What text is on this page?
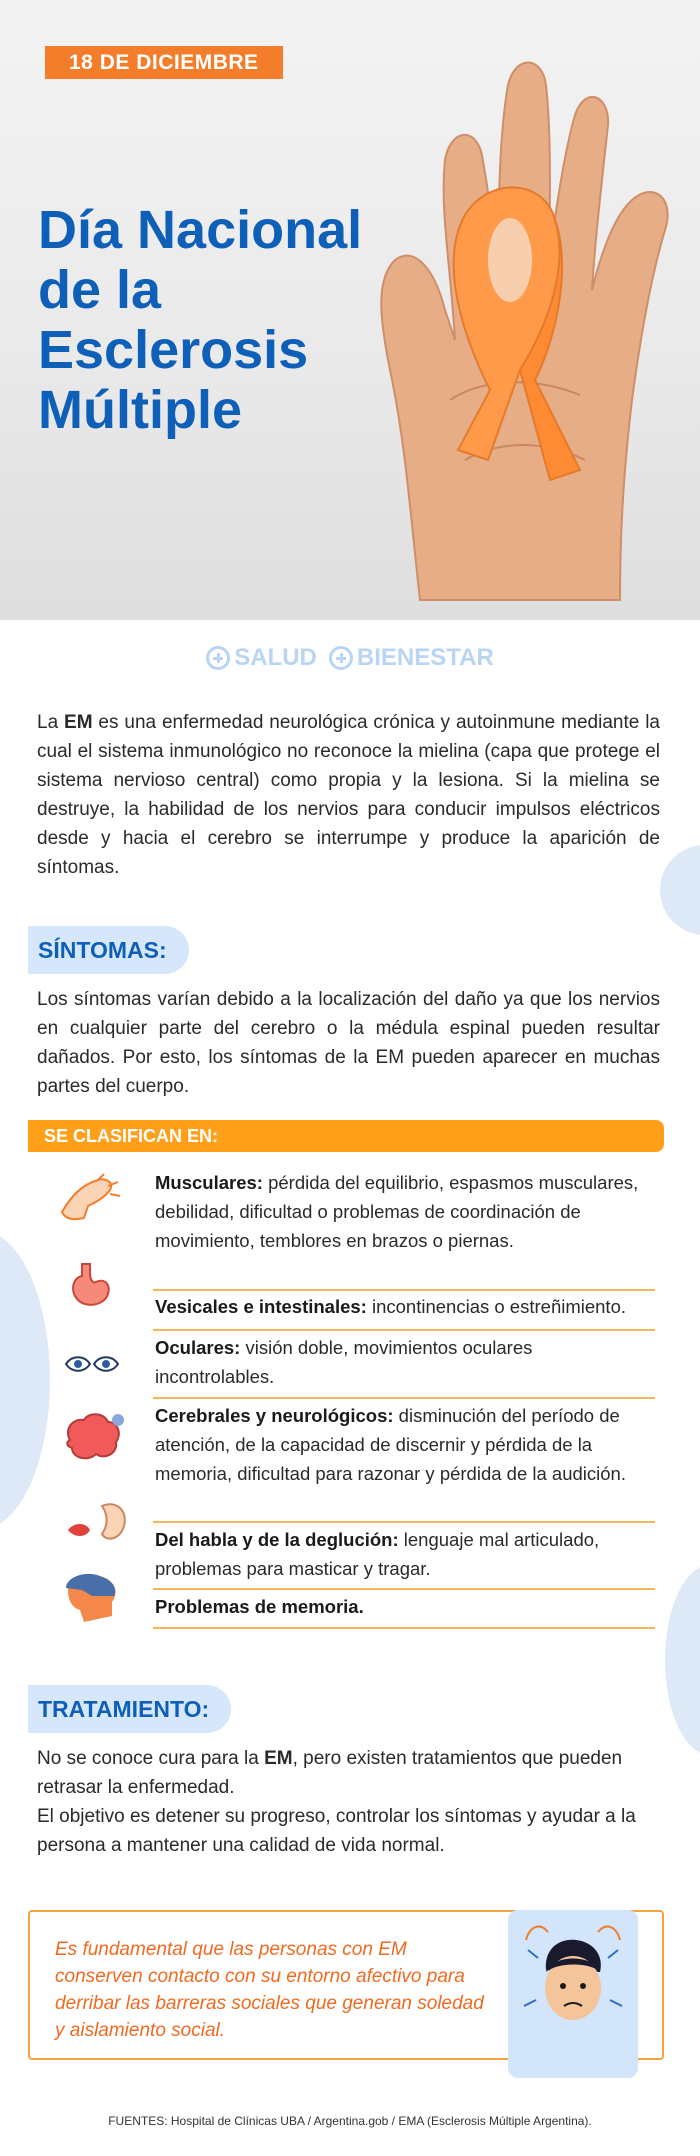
18 DE DICIEMBRE
Día Nacional de la Esclerosis Múltiple
SALUD BIENESTAR

La EM es una enfermedad neurológica crónica y autoinmune mediante la cual el sistema inmunológico no reconoce la mielina (capa que protege el sistema nervioso central) como propia y la lesiona. Si la mielina se destruye, la habilidad de los nervios para conducir impulsos eléctricos desde y hacia el cerebro se interrumpe y produce la aparición de síntomas.

SÍNTOMAS:

Los síntomas varían debido a la localización del daño ya que los nervios en cualquier parte del cerebro o la médula espinal pueden resultar dañados. Por esto, los síntomas de la EM pueden aparecer en muchas partes del cuerpo.

SE CLASIFICAN EN:
Musculares: pérdida del equilibrio, espasmos musculares, debilidad, dificultad o problemas de coordinación de movimiento, temblores en brazos o piernas.
Vesicales e intestinales: incontinencias o estreñimiento.
Oculares: visión doble, movimientos oculares incontrolables.
Cerebrales y neurológicos: disminución del período de atención, de la capacidad de discernir y pérdida de la memoria, dificultad para razonar y pérdida de la audición.
Del habla y de la deglución: lenguaje mal articulado, problemas para masticar y tragar.
Problemas de memoria.
TRATAMIENTO:

No se conoce cura para la EM, pero existen tratamientos que pueden retrasar la enfermedad.
El objetivo es detener su progreso, controlar los síntomas y ayudar a la persona a mantener una calidad de vida normal.

Es fundamental que las personas con EM conserven contacto con su entorno afectivo para derribar las barreras sociales que generan soledad y aislamiento social.

FUENTES: Hospital de Clínicas UBA / Argentina.gob / EMA (Esclerosis Múltiple Argentina).
